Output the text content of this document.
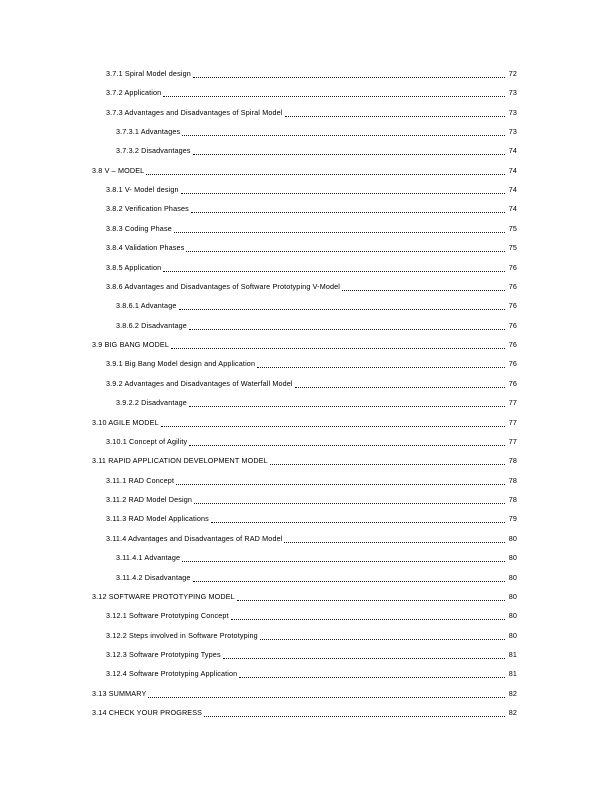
3.7.1 Spiral Model design	72
3.7.2 Application	73
3.7.3 Advantages and Disadvantages of Spiral Model	73
3.7.3.1 Advantages	73
3.7.3.2 Disadvantages	74
3.8 V – MODEL	74
3.8.1 V- Model design	74
3.8.2 Verification Phases	74
3.8.3 Coding Phase	75
3.8.4 Validation Phases	75
3.8.5 Application	76
3.8.6 Advantages and Disadvantages of Software Prototyping V-Model	76
3.8.6.1 Advantage	76
3.8.6.2 Disadvantage	76
3.9 BIG BANG MODEL	76
3.9.1 Big Bang Model design and Application	76
3.9.2 Advantages and Disadvantages of Waterfall Model	76
3.9.2.2 Disadvantage	77
3.10 AGILE MODEL	77
3.10.1 Concept of Agility	77
3.11 RAPID APPLICATION DEVELOPMENT MODEL	78
3.11.1 RAD Concept	78
3.11.2 RAD Model Design	78
3.11.3 RAD Model Applications	79
3.11.4 Advantages and Disadvantages of RAD Model	80
3.11.4.1 Advantage	80
3.11.4.2 Disadvantage	80
3.12 SOFTWARE PROTOTYPING MODEL	80
3.12.1 Software Prototyping Concept	80
3.12.2 Steps involved in Software Prototyping	80
3.12.3 Software Prototyping Types	81
3.12.4 Software Prototyping Application	81
3.13 SUMMARY	82
3.14 CHECK YOUR PROGRESS	82
